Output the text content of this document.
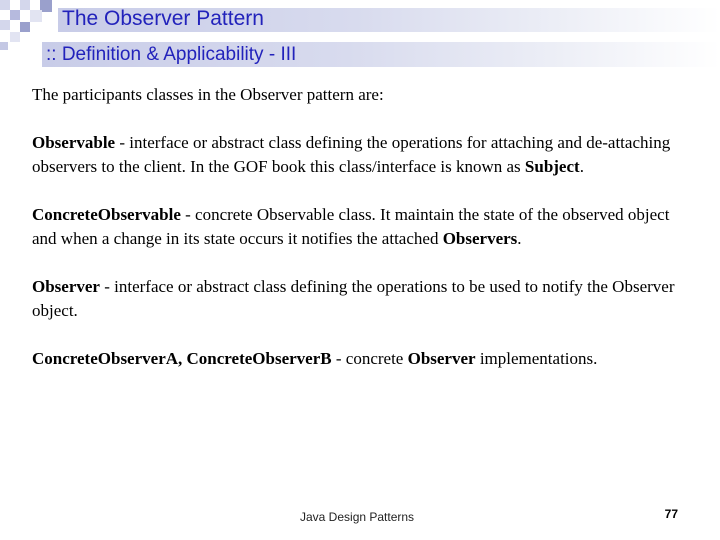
The Observer Pattern
:: Definition & Applicability - III

The participants classes in the Observer pattern are:

Observable - interface or abstract class defining the operations for attaching and de-attaching observers to the client. In the GOF book this class/interface is known as Subject.

ConcreteObservable - concrete Observable class. It maintain the state of the observed object and when a change in its state occurs it notifies the attached Observers.

Observer - interface or abstract class defining the operations to be used to notify the Observer object.

ConcreteObserverA, ConcreteObserverB - concrete Observer implementations.

Java Design Patterns	77
